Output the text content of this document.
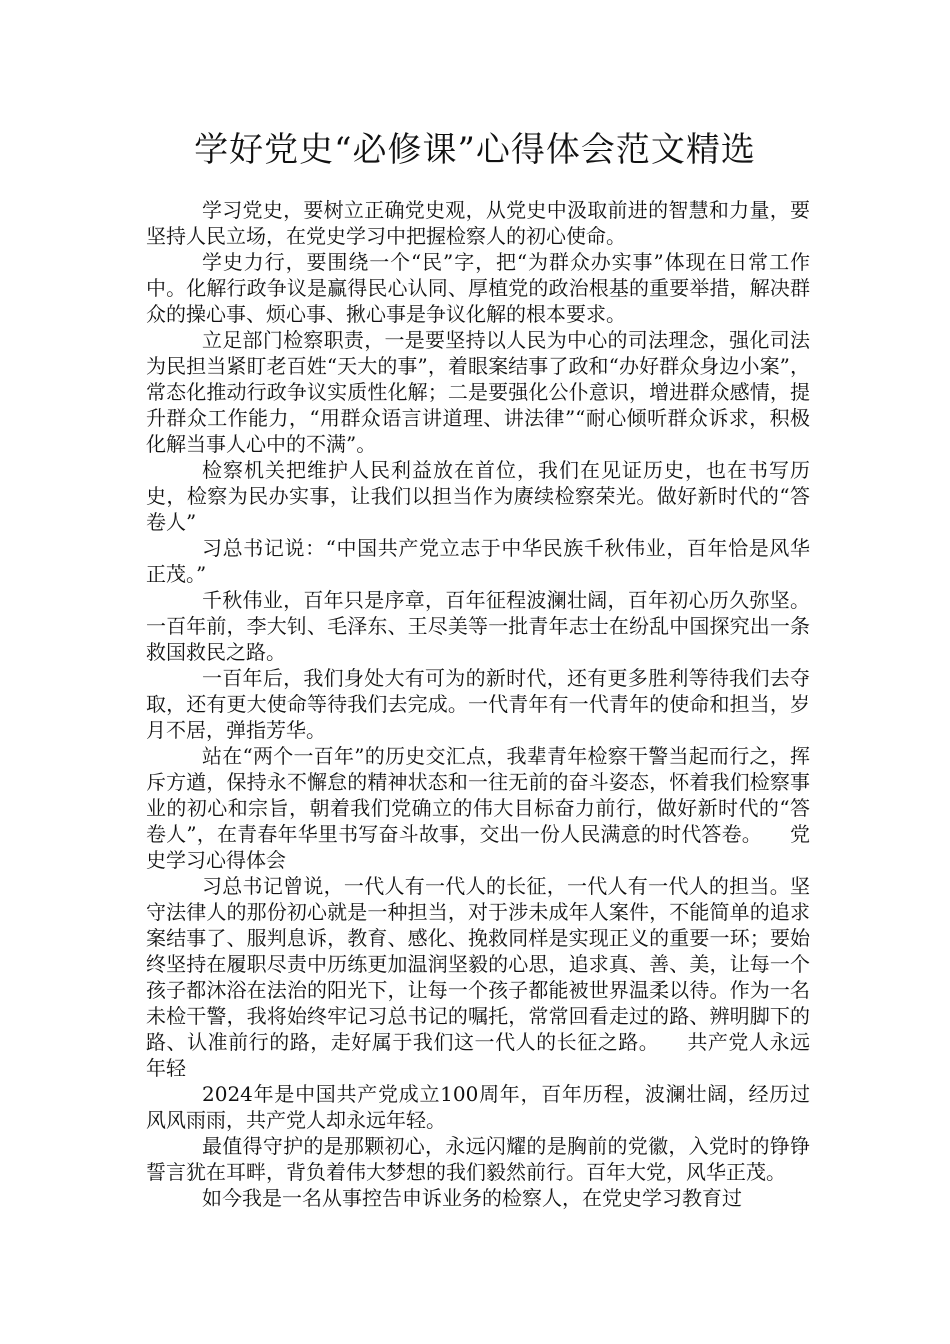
学好党史“必修课”心得体会范文精选

学习党史，要树立正确党史观，从党史中汲取前进的智慧和力量，要坚持人民立场，在党史学习中把握检察人的初心使命。

学史力行，要围绕一个“民”字，把“为群众办实事”体现在日常工作中。化解行政争议是赢得民心认同、厚植党的政治根基的重要举措，解决群众的操心事、烦心事、揪心事是争议化解的根本要求。

立足部门检察职责，一是要坚持以人民为中心的司法理念，强化司法为民担当紧盯老百姓“天大的事”，着眼案结事了政和“办好群众身边小案”，常态化推动行政争议实质性化解；二是要强化公仆意识，增进群众感情，提升群众工作能力，“用群众语言讲道理、讲法律”“耐心倾听群众诉求，积极化解当事人心中的不满”。

检察机关把维护人民利益放在首位，我们在见证历史，也在书写历史，检察为民办实事，让我们以担当作为赓续检察荣光。做好新时代的“答卷人”

习总书记说：“中国共产党立志于中华民族千秋伟业，百年恰是风华正茂。”

千秋伟业，百年只是序章，百年征程波澜壮阔，百年初心历久弥坚。一百年前，李大钊、毛泽东、王尽美等一批青年志士在纷乱中国探究出一条救国救民之路。

一百年后，我们身处大有可为的新时代，还有更多胜利等待我们去夺取，还有更大使命等待我们去完成。一代青年有一代青年的使命和担当，岁月不居，弹指芳华。

站在“两个一百年”的历史交汇点，我辈青年检察干警当起而行之，挥斥方遒，保持永不懈怠的精神状态和一往无前的奋斗姿态，怀着我们检察事业的初心和宗旨，朝着我们党确立的伟大目标奋力前行，做好新时代的“答卷人”，在青春年华里书写奋斗故事，交出一份人民满意的时代答卷。 党史学习心得体会

习总书记曾说，一代人有一代人的长征，一代人有一代人的担当。坚守法律人的那份初心就是一种担当，对于涉未成年人案件，不能简单的追求案结事了、服判息诉，教育、感化、挽救同样是实现正义的重要一环；要始终坚持在履职尽责中历练更加温润坚毅的心思，追求真、善、美，让每一个孩子都沐浴在法治的阳光下，让每一个孩子都能被世界温柔以待。作为一名未检干警，我将始终牢记习总书记的嘱托，常常回看走过的路、辨明脚下的路、认准前行的路，走好属于我们这一代人的长征之路。 共产党人永远年轻

2024年是中国共产党成立100周年，百年历程，波澜壮阔，经历过风风雨雨，共产党人却永远年轻。

最值得守护的是那颗初心，永远闪耀的是胸前的党徽，入党时的铮铮誓言犹在耳畔，背负着伟大梦想的我们毅然前行。百年大党，风华正茂。

如今我是一名从事控告申诉业务的检察人，在党史学习教育过
